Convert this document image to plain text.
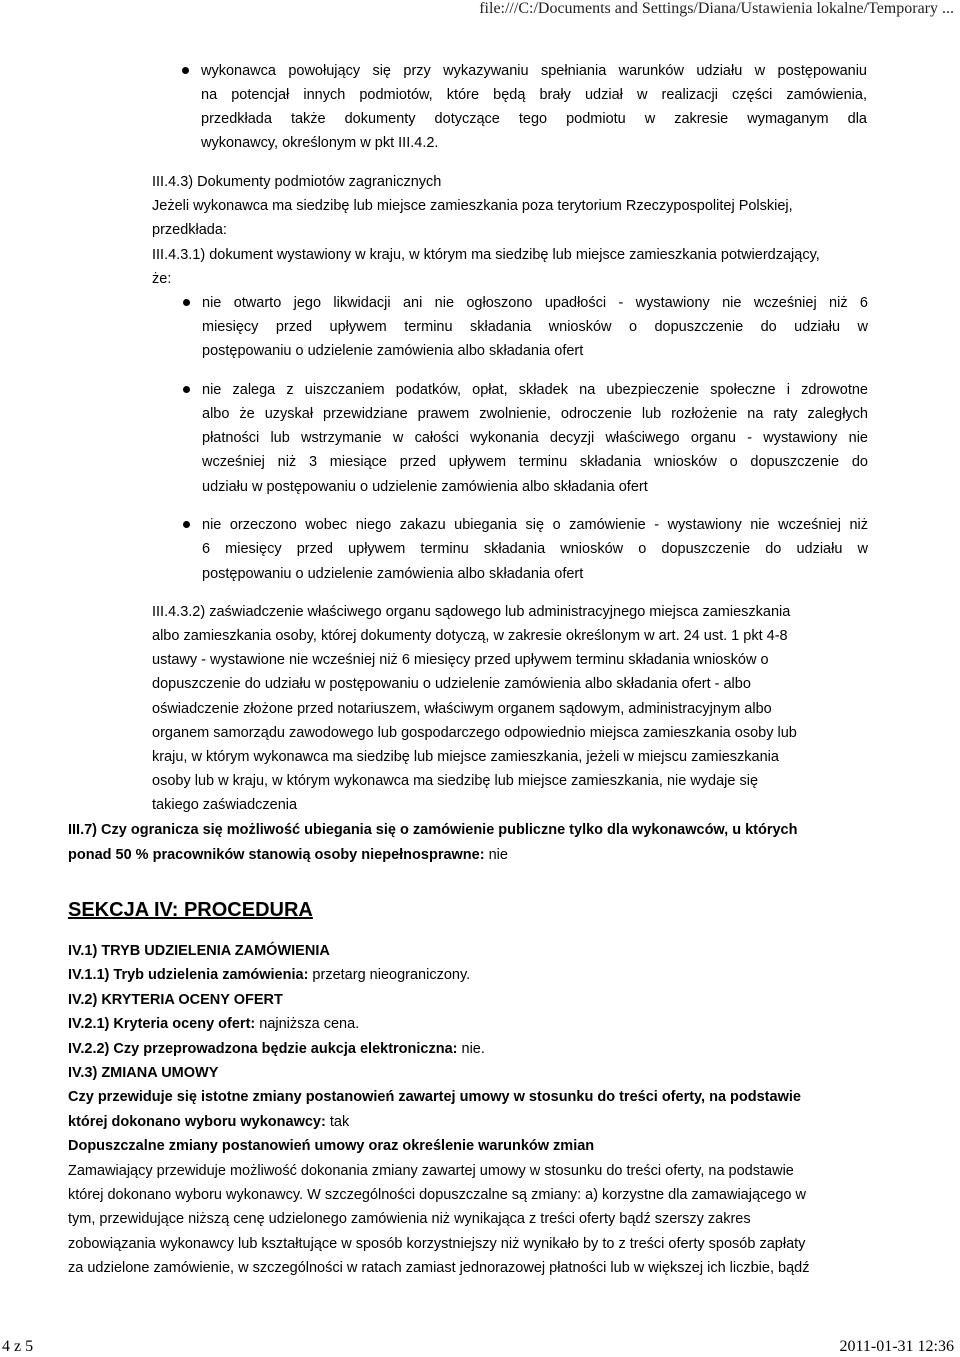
file:///C:/Documents and Settings/Diana/Ustawienia lokalne/Temporary ...
wykonawca powołujący się przy wykazywaniu spełniania warunków udziału w postępowaniu
na potencjał innych podmiotów, które będą brały udział w realizacji części zamówienia,
przedkłada także dokumenty dotyczące tego podmiotu w zakresie wymaganym dla
wykonawcy, określonym w pkt III.4.2.
III.4.3) Dokumenty podmiotów zagranicznych
Jeżeli wykonawca ma siedzibę lub miejsce zamieszkania poza terytorium Rzeczypospolitej Polskiej,
przedkłada:
III.4.3.1) dokument wystawiony w kraju, w którym ma siedzibę lub miejsce zamieszkania potwierdzający,
że:
nie otwarto jego likwidacji ani nie ogłoszono upadłości - wystawiony nie wcześniej niż 6
miesięcy przed upływem terminu składania wniosków o dopuszczenie do udziału w
postępowaniu o udzielenie zamówienia albo składania ofert
nie zalega z uiszczaniem podatków, opłat, składek na ubezpieczenie społeczne i zdrowotne
albo że uzyskał przewidziane prawem zwolnienie, odroczenie lub rozłożenie na raty zaległych
płatności lub wstrzymanie w całości wykonania decyzji właściwego organu - wystawiony nie
wcześniej niż 3 miesiące przed upływem terminu składania wniosków o dopuszczenie do
udziału w postępowaniu o udzielenie zamówienia albo składania ofert
nie orzeczono wobec niego zakazu ubiegania się o zamówienie - wystawiony nie wcześniej niż
6 miesięcy przed upływem terminu składania wniosków o dopuszczenie do udziału w
postępowaniu o udzielenie zamówienia albo składania ofert
III.4.3.2) zaświadczenie właściwego organu sądowego lub administracyjnego miejsca zamieszkania
albo zamieszkania osoby, której dokumenty dotyczą, w zakresie określonym w art. 24 ust. 1 pkt 4-8
ustawy - wystawione nie wcześniej niż 6 miesięcy przed upływem terminu składania wniosków o
dopuszczenie do udziału w postępowaniu o udzielenie zamówienia albo składania ofert - albo
oświadczenie złożone przed notariuszem, właściwym organem sądowym, administracyjnym albo
organem samorządu zawodowego lub gospodarczego odpowiednio miejsca zamieszkania osoby lub
kraju, w którym wykonawca ma siedzibę lub miejsce zamieszkania, jeżeli w miejscu zamieszkania
osoby lub w kraju, w którym wykonawca ma siedzibę lub miejsce zamieszkania, nie wydaje się
takiego zaświadczenia
III.7) Czy ogranicza się możliwość ubiegania się o zamówienie publiczne tylko dla wykonawców, u których
ponad 50 % pracowników stanowią osoby niepełnosprawne: nie
SEKCJA IV: PROCEDURA
IV.1) TRYB UDZIELENIA ZAMÓWIENIA
IV.1.1) Tryb udzielenia zamówienia: przetarg nieograniczony.
IV.2) KRYTERIA OCENY OFERT
IV.2.1) Kryteria oceny ofert: najniższa cena.
IV.2.2) Czy przeprowadzona będzie aukcja elektroniczna: nie.
IV.3) ZMIANA UMOWY
Czy przewiduje się istotne zmiany postanowień zawartej umowy w stosunku do treści oferty, na podstawie
której dokonano wyboru wykonawcy: tak
Dopuszczalne zmiany postanowień umowy oraz określenie warunków zmian
Zamawiający przewiduje możliwość dokonania zmiany zawartej umowy w stosunku do treści oferty, na podstawie
której dokonano wyboru wykonawcy. W szczególności dopuszczalne są zmiany: a) korzystne dla zamawiającego w
tym, przewidujące niższą cenę udzielonego zamówienia niż wynikająca z treści oferty bądź szerszy zakres
zobowiązania wykonawcy lub kształtujące w sposób korzystniejszy niż wynikało by to z treści oferty sposób zapłaty
za udzielone zamówienie, w szczególności w ratach zamiast jednorazowej płatności lub w większej ich liczbie, bądź
4 z 5	2011-01-31 12:36
